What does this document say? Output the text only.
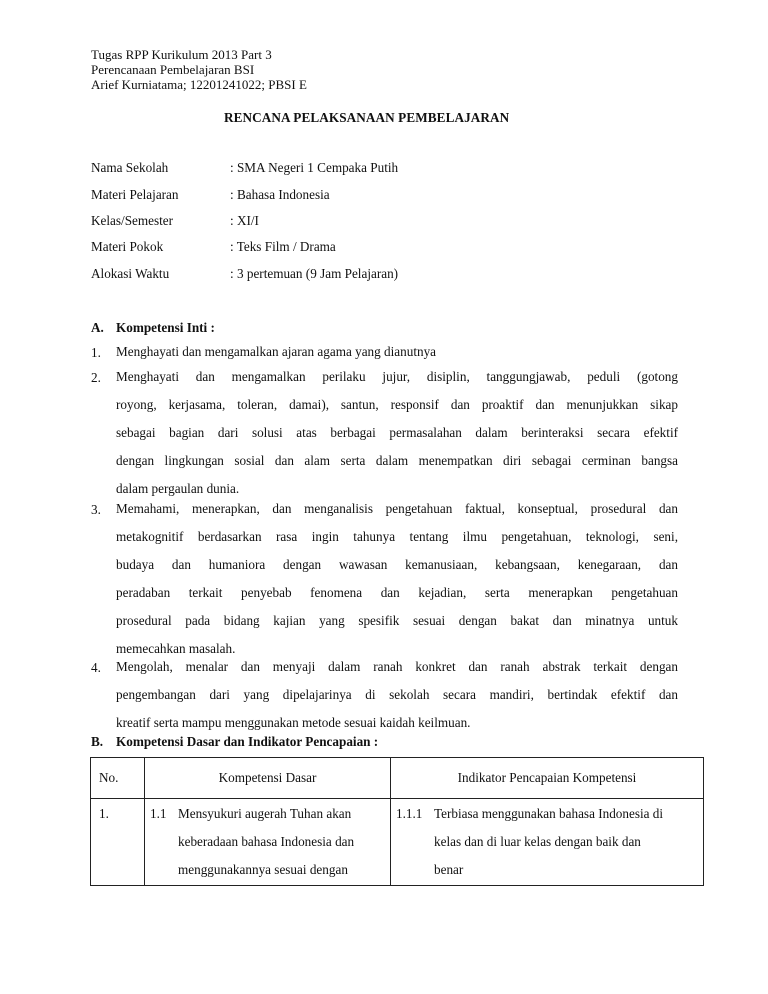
Tugas RPP Kurikulum 2013 Part 3
Perencanaan Pembelajaran BSI
Arief Kurniatama; 12201241022; PBSI E
RENCANA PELAKSANAAN PEMBELAJARAN
Nama Sekolah	: SMA Negeri 1 Cempaka Putih
Materi Pelajaran	: Bahasa Indonesia
Kelas/Semester	: XI/I
Materi Pokok	: Teks Film / Drama
Alokasi Waktu	: 3 pertemuan (9 Jam Pelajaran)
A. Kompetensi Inti :
1. Menghayati dan mengamalkan ajaran agama yang dianutnya
2. Menghayati dan mengamalkan perilaku jujur, disiplin, tanggungjawab, peduli (gotong
royong, kerjasama, toleran, damai), santun, responsif dan proaktif dan menunjukkan sikap
sebagai bagian dari solusi atas berbagai permasalahan dalam berinteraksi secara efektif
dengan lingkungan sosial dan alam serta dalam menempatkan diri sebagai cerminan bangsa
dalam pergaulan dunia.
3. Memahami, menerapkan, dan menganalisis pengetahuan faktual, konseptual, prosedural dan
metakognitif berdasarkan rasa ingin tahunya tentang ilmu pengetahuan, teknologi, seni,
budaya dan humaniora dengan wawasan kemanusiaan, kebangsaan, kenegaraan, dan
peradaban terkait penyebab fenomena dan kejadian, serta menerapkan pengetahuan
prosedural pada bidang kajian yang spesifik sesuai dengan bakat dan minatnya untuk
memecahkan masalah.
4. Mengolah, menalar dan menyaji dalam ranah konkret dan ranah abstrak terkait dengan
pengembangan dari yang dipelajarinya di sekolah secara mandiri, bertindak efektif dan
kreatif serta mampu menggunakan metode sesuai kaidah keilmuan.
B. Kompetensi Dasar dan Indikator Pencapaian :
No.	Kompetensi Dasar	Indikator Pencapaian Kompetensi
1.	1.1 Mensyukuri augerah Tuhan akan
keberadaan bahasa Indonesia dan
menggunakannya sesuai dengan	1.1.1 Terbiasa menggunakan bahasa Indonesia di
kelas dan di luar kelas dengan baik dan
benar
